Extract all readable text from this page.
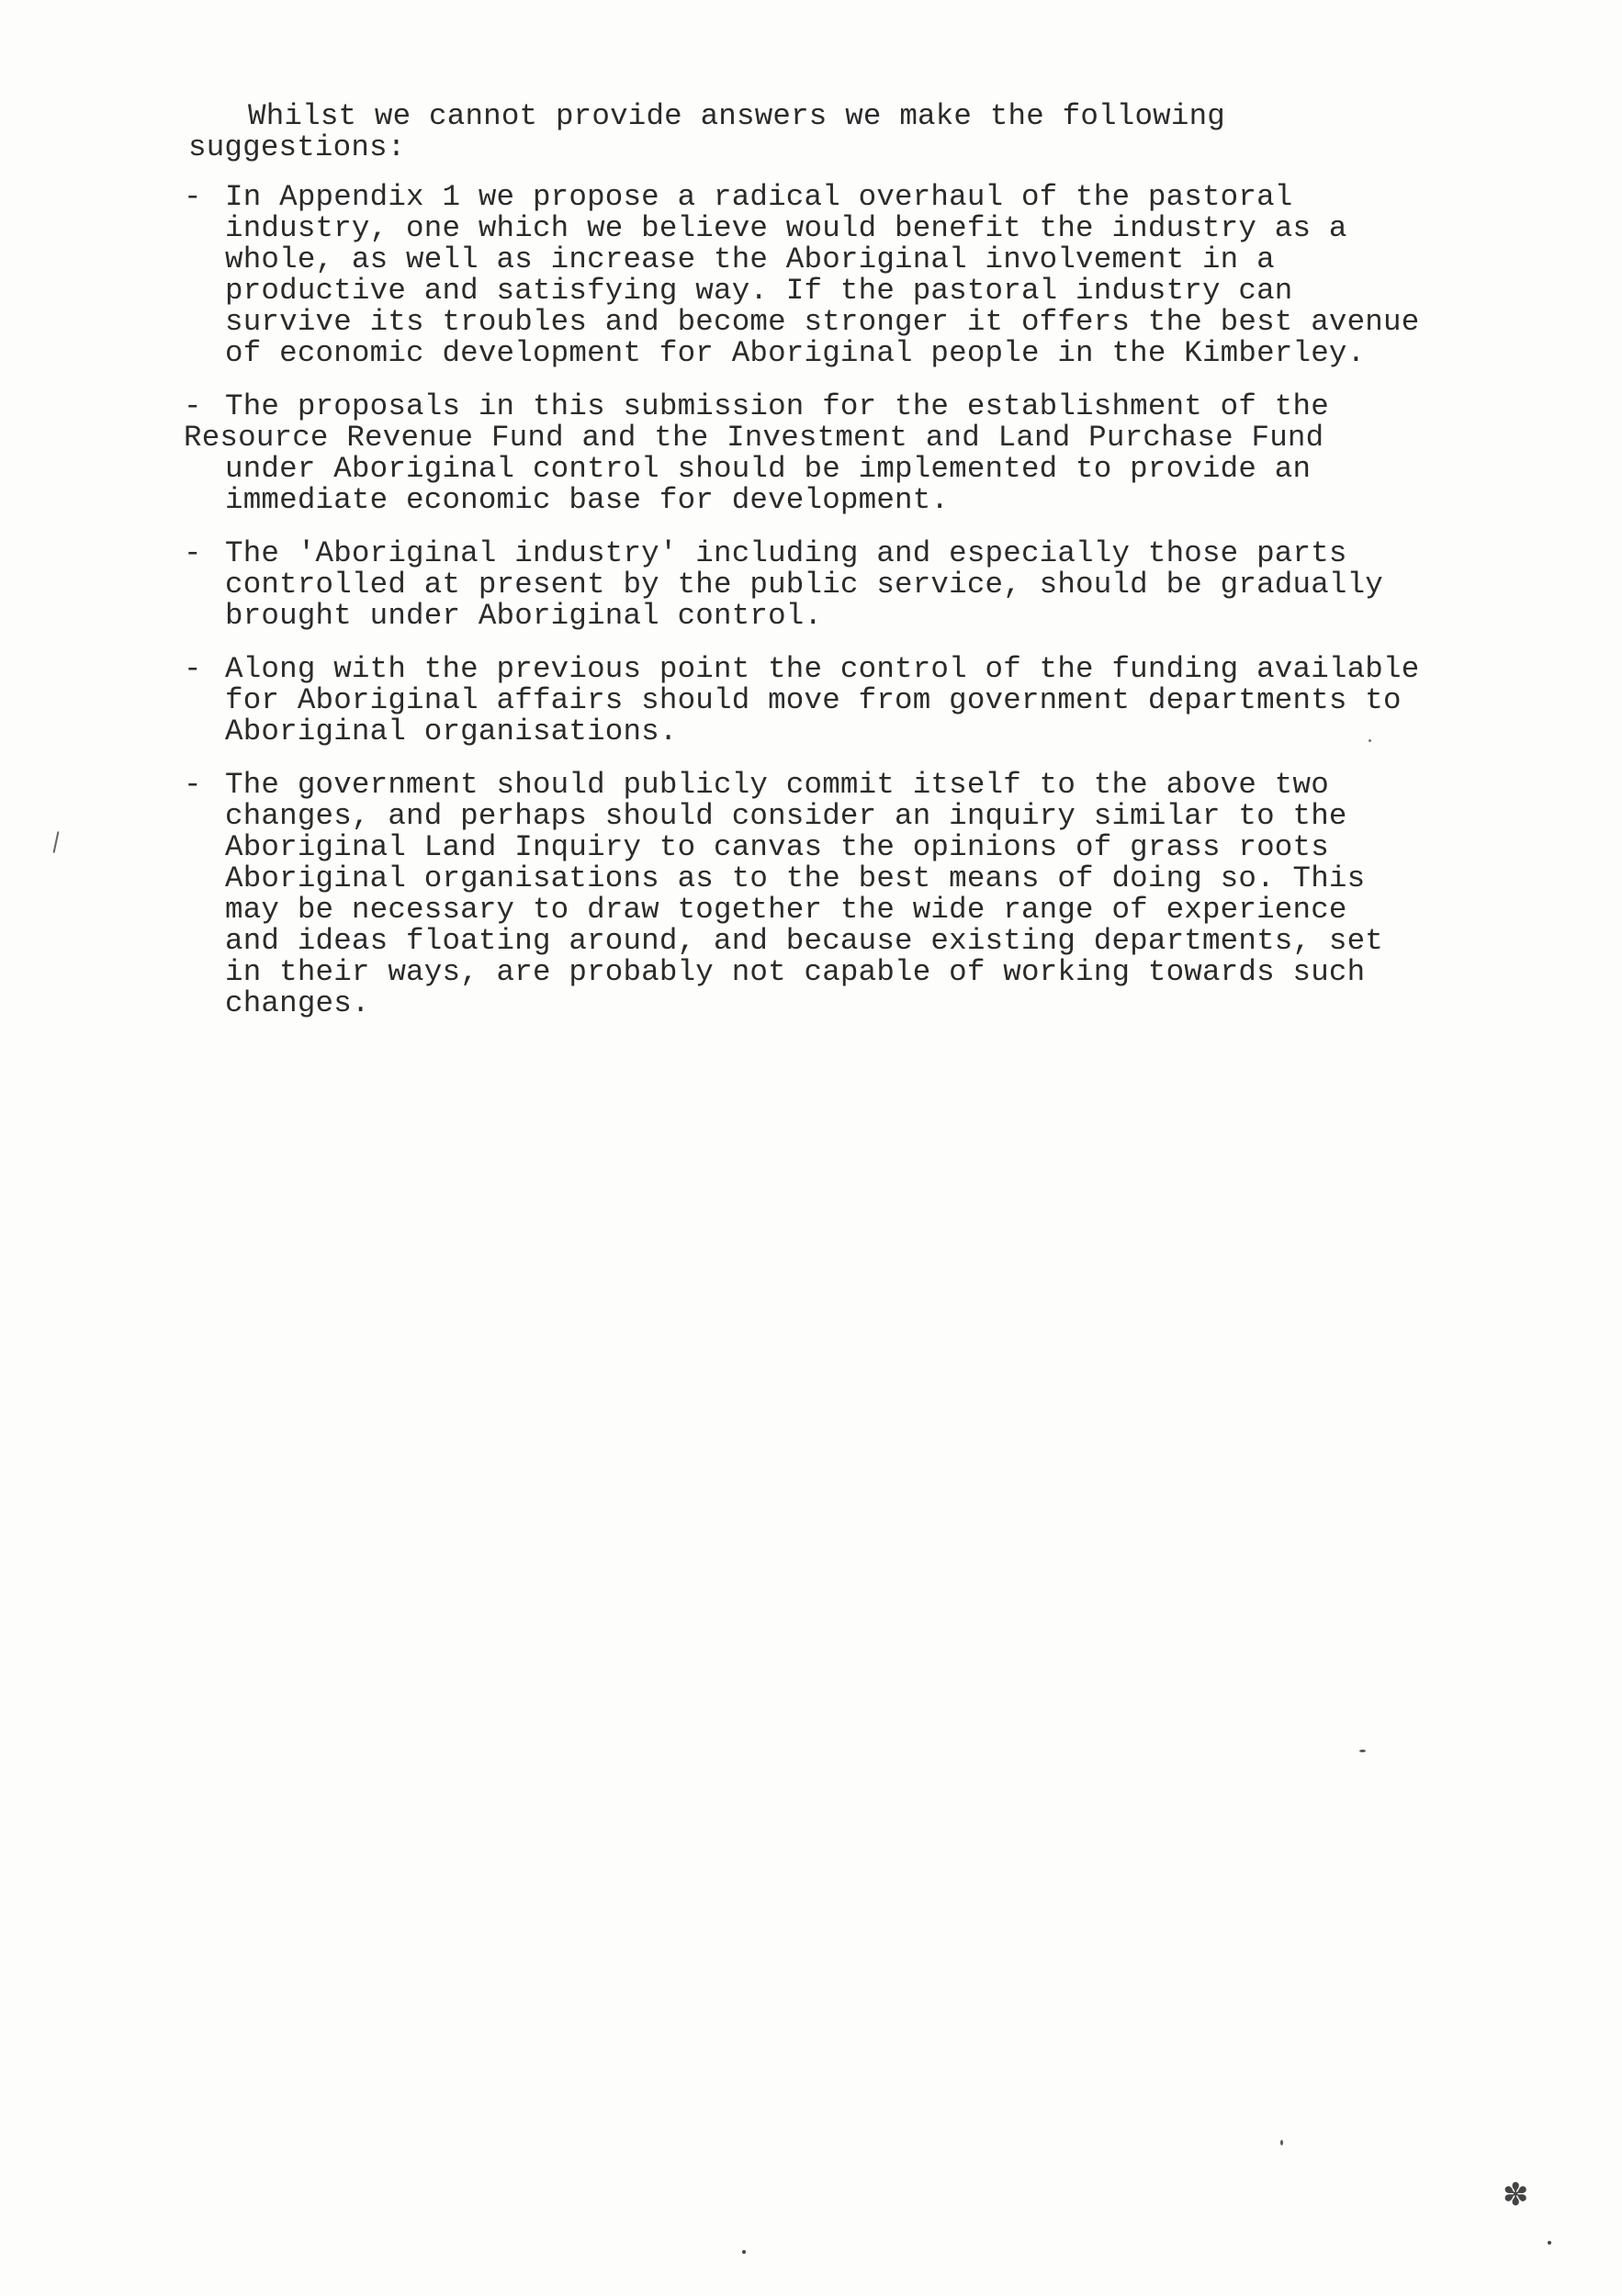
Whilst we cannot provide answers we make the following
suggestions:
- In Appendix 1 we propose a radical overhaul of the pastoral
industry, one which we believe would benefit the industry as a
whole, as well as increase the Aboriginal involvement in a
productive and satisfying way. If the pastoral industry can
survive its troubles and become stronger it offers the best avenue
of economic development for Aboriginal people in the Kimberley.
- The proposals in this submission for the establishment of the
Resource Revenue Fund and the Investment and Land Purchase Fund
under Aboriginal control should be implemented to provide an
immediate economic base for development.
- The 'Aboriginal industry' including and especially those parts
controlled at present by the public service, should be gradually
brought under Aboriginal control.
- Along with the previous point the control of the funding available
for Aboriginal affairs should move from government departments to
Aboriginal organisations.
- The government should publicly commit itself to the above two
changes, and perhaps should consider an inquiry similar to the
Aboriginal Land Inquiry to canvas the opinions of grass roots
Aboriginal organisations as to the best means of doing so. This
may be necessary to draw together the wide range of experience
and ideas floating around, and because existing departments, set
in their ways, are probably not capable of working towards such
changes.
✽
